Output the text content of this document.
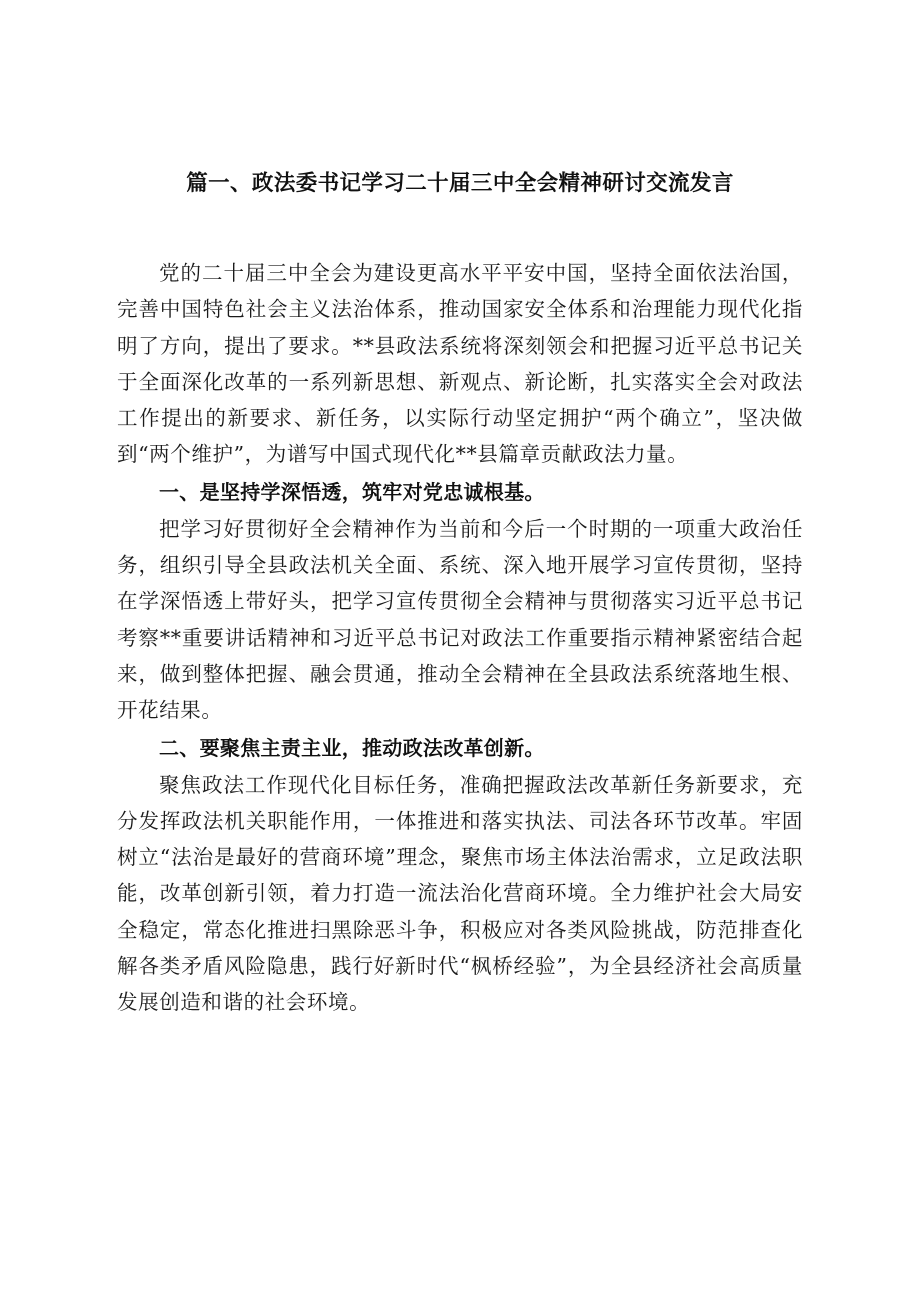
篇一、政法委书记学习二十届三中全会精神研讨交流发言

党的二十届三中全会为建设更高水平平安中国，坚持全面依法治国，完善中国特色社会主义法治体系，推动国家安全体系和治理能力现代化指明了方向，提出了要求。**县政法系统将深刻领会和把握习近平总书记关于全面深化改革的一系列新思想、新观点、新论断，扎实落实全会对政法工作提出的新要求、新任务，以实际行动坚定拥护“两个确立”，坚决做到“两个维护”，为谱写中国式现代化**县篇章贡献政法力量。

一、是坚持学深悟透，筑牢对党忠诚根基。

把学习好贯彻好全会精神作为当前和今后一个时期的一项重大政治任务，组织引导全县政法机关全面、系统、深入地开展学习宣传贯彻，坚持在学深悟透上带好头，把学习宣传贯彻全会精神与贯彻落实习近平总书记考察**重要讲话精神和习近平总书记对政法工作重要指示精神紧密结合起来，做到整体把握、融会贯通，推动全会精神在全县政法系统落地生根、开花结果。

二、要聚焦主责主业，推动政法改革创新。

聚焦政法工作现代化目标任务，准确把握政法改革新任务新要求，充分发挥政法机关职能作用，一体推进和落实执法、司法各环节改革。牢固树立“法治是最好的营商环境”理念，聚焦市场主体法治需求，立足政法职能，改革创新引领，着力打造一流法治化营商环境。全力维护社会大局安全稳定，常态化推进扫黑除恶斗争，积极应对各类风险挑战，防范排查化解各类矛盾风险隐患，践行好新时代“枫桥经验”，为全县经济社会高质量发展创造和谐的社会环境。
